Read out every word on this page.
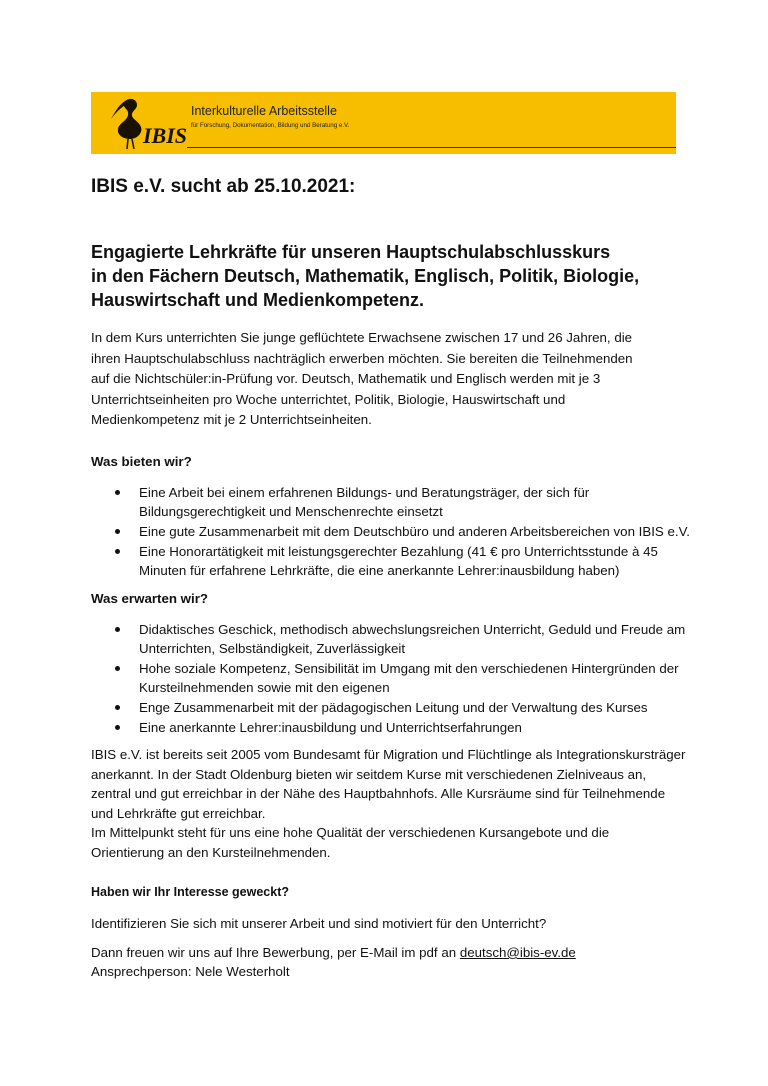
IBIS
Interkulturelle Arbeitsstelle
für Forschung, Dokumentation, Bildung und Beratung e.V.
IBIS e.V. sucht ab 25.10.2021:
Engagierte Lehrkräfte für unseren Hauptschulabschlusskurs
in den Fächern Deutsch, Mathematik, Englisch, Politik, Biologie,
Hauswirtschaft und Medienkompetenz.
In dem Kurs unterrichten Sie junge geflüchtete Erwachsene zwischen 17 und 26 Jahren, die
ihren Hauptschulabschluss nachträglich erwerben möchten. Sie bereiten die Teilnehmenden
auf die Nichtschüler:in-Prüfung vor. Deutsch, Mathematik und Englisch werden mit je 3
Unterrichtseinheiten pro Woche unterrichtet, Politik, Biologie, Hauswirtschaft und
Medienkompetenz mit je 2 Unterrichtseinheiten.
Was bieten wir?
Eine Arbeit bei einem erfahrenen Bildungs- und Beratungsträger, der sich für
Bildungsgerechtigkeit und Menschenrechte einsetzt
Eine gute Zusammenarbeit mit dem Deutschbüro und anderen Arbeitsbereichen von IBIS e.V.
Eine Honorartätigkeit mit leistungsgerechter Bezahlung (41 € pro Unterrichtsstunde à 45
Minuten für erfahrene Lehrkräfte, die eine anerkannte Lehrer:inausbildung haben)
Was erwarten wir?
Didaktisches Geschick, methodisch abwechslungsreichen Unterricht, Geduld und Freude am
Unterrichten, Selbständigkeit, Zuverlässigkeit
Hohe soziale Kompetenz, Sensibilität im Umgang mit den verschiedenen Hintergründen der
Kursteilnehmenden sowie mit den eigenen
Enge Zusammenarbeit mit der pädagogischen Leitung und der Verwaltung des Kurses
Eine anerkannte Lehrer:inausbildung und Unterrichtserfahrungen
IBIS e.V. ist bereits seit 2005 vom Bundesamt für Migration und Flüchtlinge als Integrationskursträger
anerkannt. In der Stadt Oldenburg bieten wir seitdem Kurse mit verschiedenen Zielniveaus an,
zentral und gut erreichbar in der Nähe des Hauptbahnhofs. Alle Kursräume sind für Teilnehmende
und Lehrkräfte gut erreichbar.
Im Mittelpunkt steht für uns eine hohe Qualität der verschiedenen Kursangebote und die
Orientierung an den Kursteilnehmenden.
Haben wir Ihr Interesse geweckt?
Identifizieren Sie sich mit unserer Arbeit und sind motiviert für den Unterricht?
Dann freuen wir uns auf Ihre Bewerbung, per E-Mail im pdf an deutsch@ibis-ev.de
Ansprechperson: Nele Westerholt
